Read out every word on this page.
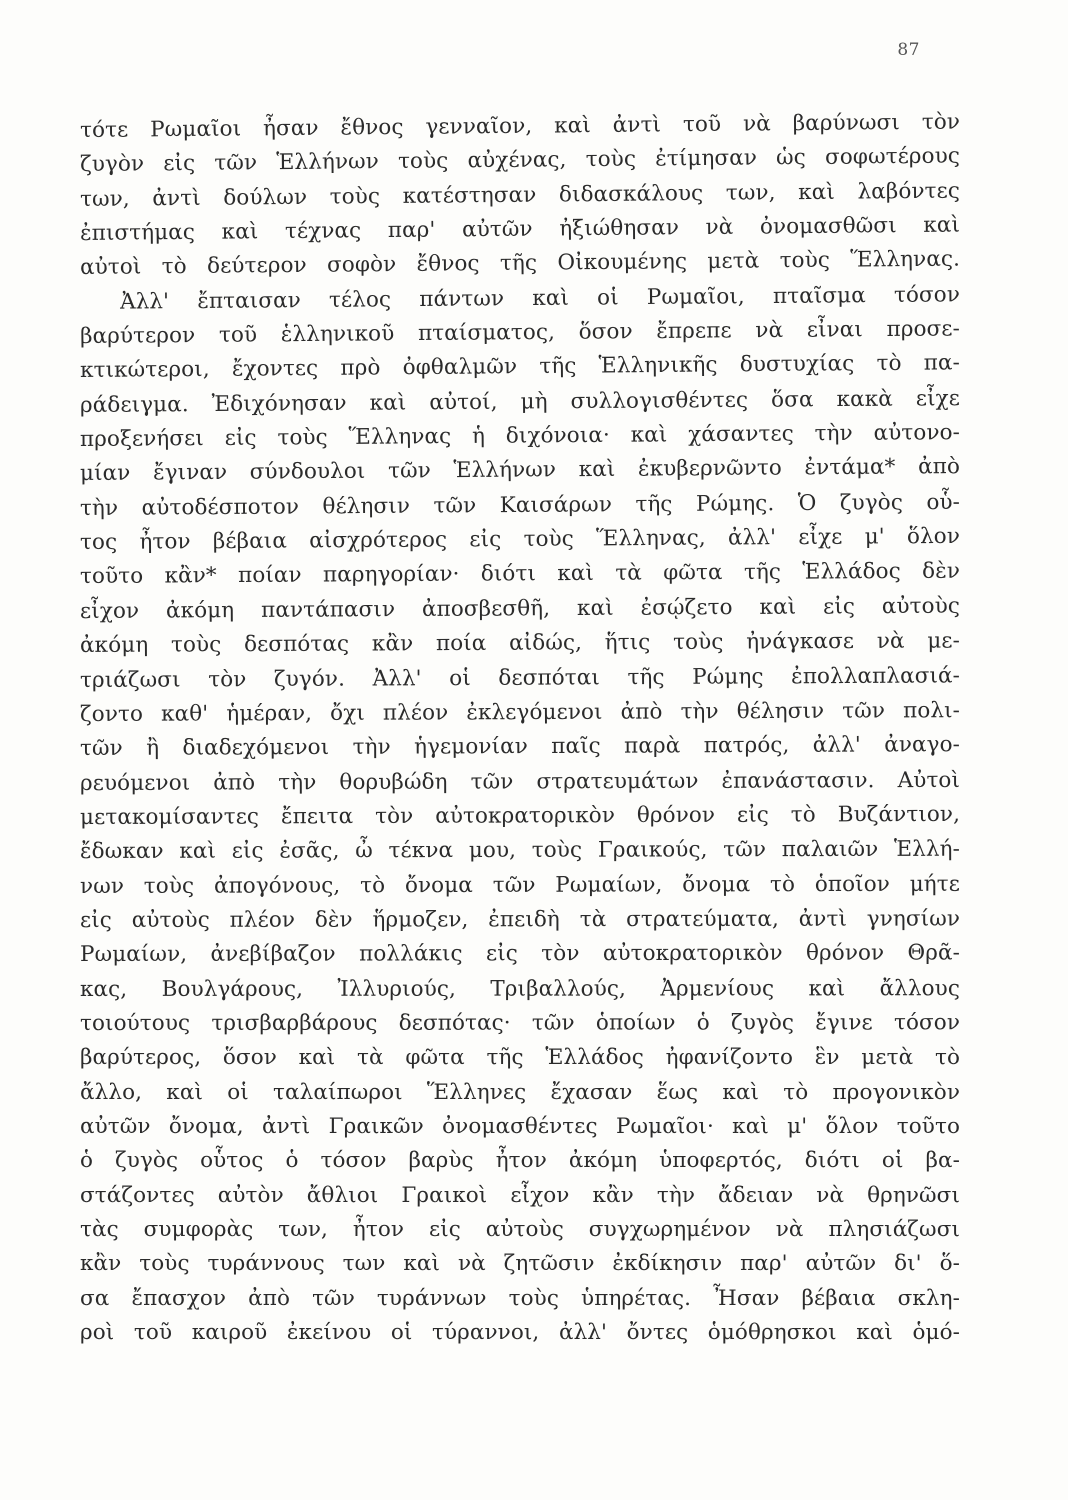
87
τότε Ρωμαῖοι ἦσαν ἔθνος γενναῖον, καὶ ἀντὶ τοῦ νὰ βαρύνωσι τὸν
ζυγὸν εἰς τῶν Ἑλλήνων τοὺς αὐχένας, τοὺς ἐτίμησαν ὡς σοφωτέρους
των, ἀντὶ δούλων τοὺς κατέστησαν διδασκάλους των, καὶ λαβόντες
ἐπιστήμας καὶ τέχνας παρ' αὐτῶν ἠξιώθησαν νὰ ὀνομασθῶσι καὶ
αὐτοὶ τὸ δεύτερον σοφὸν ἔθνος τῆς Οἰκουμένης μετὰ τοὺς Ἕλληνας.
Ἀλλ' ἔπταισαν τέλος πάντων καὶ οἱ Ρωμαῖοι, πταῖσμα τόσον
βαρύτερον τοῦ ἑλληνικοῦ πταίσματος, ὅσον ἔπρεπε νὰ εἶναι προσε-
κτικώτεροι, ἔχοντες πρὸ ὀφθαλμῶν τῆς Ἑλληνικῆς δυστυχίας τὸ πα-
ράδειγμα. Ἐδιχόνησαν καὶ αὐτοί, μὴ συλλογισθέντες ὅσα κακὰ εἶχε
προξενήσει εἰς τοὺς Ἕλληνας ἡ διχόνοια· καὶ χάσαντες τὴν αὐτονο-
μίαν ἔγιναν σύνδουλοι τῶν Ἑλλήνων καὶ ἐκυβερνῶντο ἐντάμα* ἀπὸ
τὴν αὐτοδέσποτον θέλησιν τῶν Καισάρων τῆς Ρώμης. Ὁ ζυγὸς οὗ-
τος ἦτον βέβαια αἰσχρότερος εἰς τοὺς Ἕλληνας, ἀλλ' εἶχε μ' ὅλον
τοῦτο κἂν* ποίαν παρηγορίαν· διότι καὶ τὰ φῶτα τῆς Ἑλλάδος δὲν
εἶχον ἀκόμη παντάπασιν ἀποσβεσθῆ, καὶ ἐσῴζετο καὶ εἰς αὐτοὺς
ἀκόμη τοὺς δεσπότας κἂν ποία αἰδώς, ἥτις τοὺς ἠνάγκασε νὰ με-
τριάζωσι τὸν ζυγόν. Ἀλλ' οἱ δεσπόται τῆς Ρώμης ἐπολλαπλασιά-
ζοντο καθ' ἡμέραν, ὄχι πλέον ἐκλεγόμενοι ἀπὸ τὴν θέλησιν τῶν πολι-
τῶν ἢ διαδεχόμενοι τὴν ἡγεμονίαν παῖς παρὰ πατρός, ἀλλ' ἀναγο-
ρευόμενοι ἀπὸ τὴν θορυβώδη τῶν στρατευμάτων ἐπανάστασιν. Αὐτοὶ
μετακομίσαντες ἔπειτα τὸν αὐτοκρατορικὸν θρόνον εἰς τὸ Βυζάντιον,
ἔδωκαν καὶ εἰς ἐσᾶς, ὦ τέκνα μου, τοὺς Γραικούς, τῶν παλαιῶν Ἑλλή-
νων τοὺς ἀπογόνους, τὸ ὄνομα τῶν Ρωμαίων, ὄνομα τὸ ὁποῖον μήτε
εἰς αὐτοὺς πλέον δὲν ἥρμοζεν, ἐπειδὴ τὰ στρατεύματα, ἀντὶ γνησίων
Ρωμαίων, ἀνεβίβαζον πολλάκις εἰς τὸν αὐτοκρατορικὸν θρόνον Θρᾶ-
κας, Βουλγάρους, Ἰλλυριούς, Τριβαλλούς, Ἀρμενίους καὶ ἄλλους
τοιούτους τρισβαρβάρους δεσπότας· τῶν ὁποίων ὁ ζυγὸς ἔγινε τόσον
βαρύτερος, ὅσον καὶ τὰ φῶτα τῆς Ἑλλάδος ἠφανίζοντο ἓν μετὰ τὸ
ἄλλο, καὶ οἱ ταλαίπωροι Ἕλληνες ἔχασαν ἕως καὶ τὸ προγονικὸν
αὐτῶν ὄνομα, ἀντὶ Γραικῶν ὀνομασθέντες Ρωμαῖοι· καὶ μ' ὅλον τοῦτο
ὁ ζυγὸς οὗτος ὁ τόσον βαρὺς ἦτον ἀκόμη ὑποφερτός, διότι οἱ βα-
στάζοντες αὐτὸν ἄθλιοι Γραικοὶ εἶχον κἂν τὴν ἄδειαν νὰ θρηνῶσι
τὰς συμφορὰς των, ἦτον εἰς αὐτοὺς συγχωρημένον νὰ πλησιάζωσι
κἂν τοὺς τυράννους των καὶ νὰ ζητῶσιν ἐκδίκησιν παρ' αὐτῶν δι' ὅ-
σα ἔπασχον ἀπὸ τῶν τυράννων τοὺς ὑπηρέτας. Ἦσαν βέβαια σκλη-
ροὶ τοῦ καιροῦ ἐκείνου οἱ τύραννοι, ἀλλ' ὄντες ὁμόθρησκοι καὶ ὁμό-
